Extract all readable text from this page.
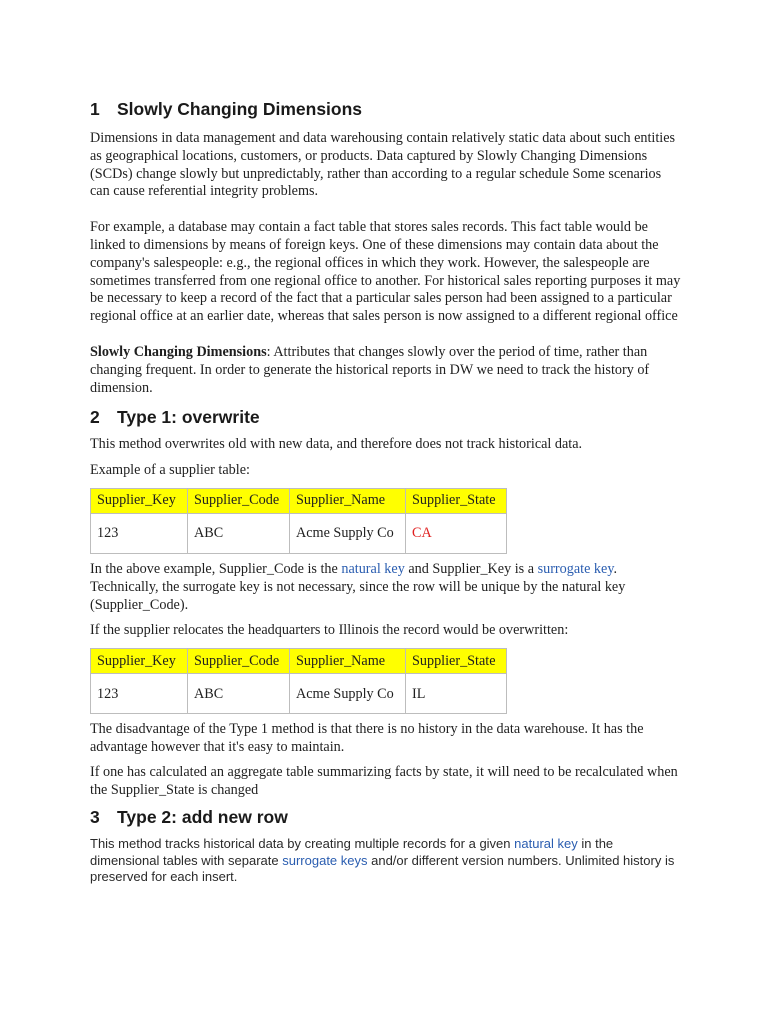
1 Slowly Changing Dimensions

Dimensions in data management and data warehousing contain relatively static data about such entities as geographical locations, customers, or products. Data captured by Slowly Changing Dimensions (SCDs) change slowly but unpredictably, rather than according to a regular schedule Some scenarios can cause referential integrity problems.

For example, a database may contain a fact table that stores sales records. This fact table would be linked to dimensions by means of foreign keys. One of these dimensions may contain data about the company's salespeople: e.g., the regional offices in which they work. However, the salespeople are sometimes transferred from one regional office to another. For historical sales reporting purposes it may be necessary to keep a record of the fact that a particular sales person had been assigned to a particular regional office at an earlier date, whereas that sales person is now assigned to a different regional office

Slowly Changing Dimensions: Attributes that changes slowly over the period of time, rather than changing frequent. In order to generate the historical reports in DW we need to track the history of dimension.

2 Type 1: overwrite

This method overwrites old with new data, and therefore does not track historical data.

Example of a supplier table:

Supplier_Key	Supplier_Code	Supplier_Name	Supplier_State
123	ABC	Acme Supply Co	CA

In the above example, Supplier_Code is the natural key and Supplier_Key is a surrogate key. Technically, the surrogate key is not necessary, since the row will be unique by the natural key (Supplier_Code).

If the supplier relocates the headquarters to Illinois the record would be overwritten:

Supplier_Key	Supplier_Code	Supplier_Name	Supplier_State
123	ABC	Acme Supply Co	IL

The disadvantage of the Type 1 method is that there is no history in the data warehouse. It has the advantage however that it's easy to maintain.

If one has calculated an aggregate table summarizing facts by state, it will need to be recalculated when the Supplier_State is changed

3 Type 2: add new row

This method tracks historical data by creating multiple records for a given natural key in the dimensional tables with separate surrogate keys and/or different version numbers. Unlimited history is preserved for each insert.
